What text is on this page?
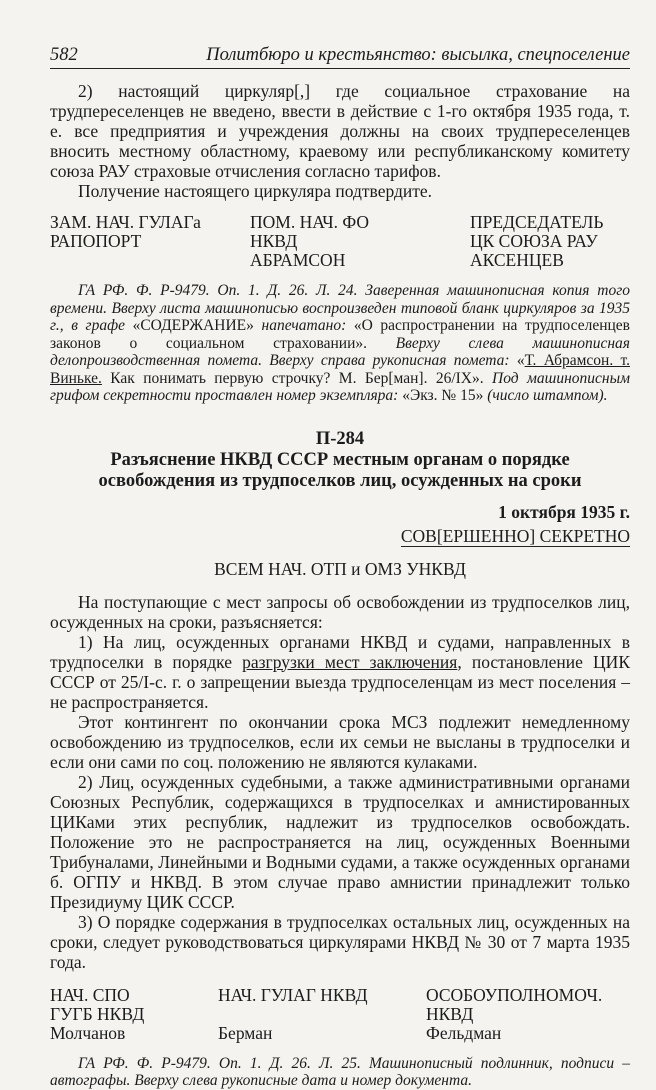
582	Политбюро и крестьянство: высылка, спецпоселение

2) настоящий циркуляр[,] где социальное страхование на трудпереселенцев не введено, ввести в действие с 1-го октября 1935 года, т. е. все предприятия и учреждения должны на своих трудпереселенцев вносить местному областному, краевому или республиканскому комитету союза РАУ страховые отчисления согласно тарифов.

Получение настоящего циркуляра подтвердите.

ЗАМ. НАЧ. ГУЛАГа
РАПОПОРТ
ПОМ. НАЧ. ФО
НКВД
АБРАМСОН
ПРЕДСЕДАТЕЛЬ
ЦК СОЮЗА РАУ
АКСЕНЦЕВ
ГА РФ. Ф. Р-9479. Оп. 1. Д. 26. Л. 24. Заверенная машинописная копия того времени. Вверху листа машинописью воспроизведен типовой бланк циркуляров за 1935 г., в графе «СОДЕРЖАНИЕ» напечатано: «О распространении на трудпоселенцев законов о социальном страховании». Вверху слева машинописная делопроизводственная помета. Вверху справа рукописная помета: «Т. Абрамсон. т. Виньке. Как понимать первую строчку? М. Бер[ман]. 26/IX». Под машинописным грифом секретности проставлен номер экземпляра: «Экз. № 15» (число штампом).
П-284
Разъяснение НКВД СССР местным органам о порядке
освобождения из трудпоселков лиц, осужденных на сроки
1 октября 1935 г.
СОВ[ЕРШЕННО] СЕКРЕТНО
ВСЕМ НАЧ. ОТП и ОМЗ УНКВД

На поступающие с мест запросы об освобождении из трудпоселков лиц, осужденных на сроки, разъясняется:

1) На лиц, осужденных органами НКВД и судами, направленных в трудпоселки в порядке разгрузки мест заключения, постановление ЦИК СССР от 25/I-с. г. о запрещении выезда трудпоселенцам из мест поселения – не распространяется.

Этот контингент по окончании срока МСЗ подлежит немедленному освобождению из трудпоселков, если их семьи не высланы в трудпоселки и если они сами по соц. положению не являются кулаками.

2) Лиц, осужденных судебными, а также административными органами Союзных Республик, содержащихся в трудпоселках и амнистированных ЦИКами этих республик, надлежит из трудпоселков освобождать. Положение это не распространяется на лиц, осужденных Военными Трибуналами, Линейными и Водными судами, а также осужденных органами б. ОГПУ и НКВД. В этом случае право амнистии принадлежит только Президиуму ЦИК СССР.

3) О порядке содержания в трудпоселках остальных лиц, осужденных на сроки, следует руководствоваться циркулярами НКВД № 30 от 7 марта 1935 года.

НАЧ. СПО
ГУГБ НКВД
Молчанов
НАЧ. ГУЛАГ НКВД

Берман
ОСОБОУПОЛНОМОЧ.
НКВД
Фельдман
ГА РФ. Ф. Р-9479. Оп. 1. Д. 26. Л. 25. Машинописный подлинник, подписи – автографы. Вверху слева рукописные дата и номер документа.
